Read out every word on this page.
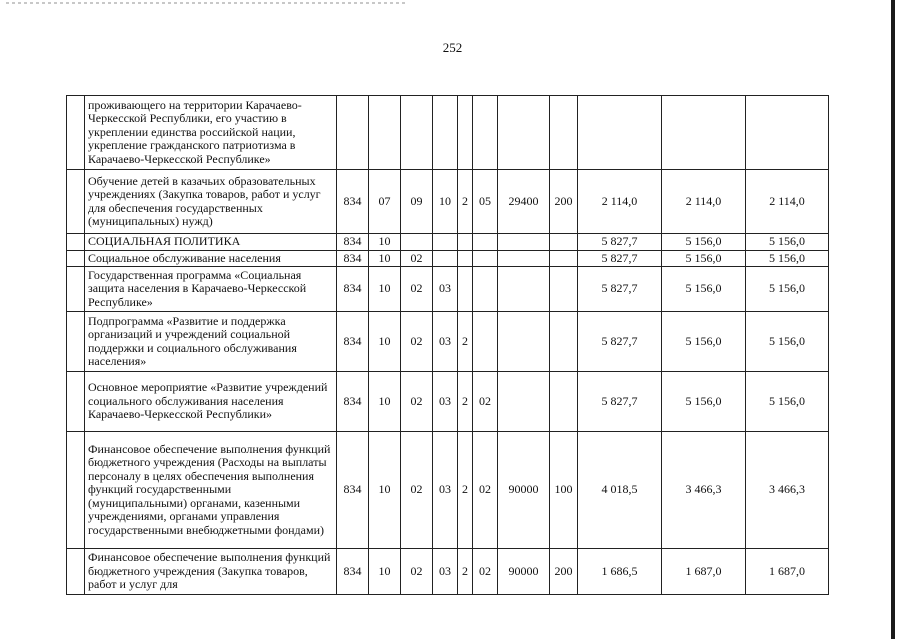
252
	проживающего на территории Карачаево-Черкесской Республики, его участию в укреплении единства российской нации, укрепление гражданского патриотизма в Карачаево-Черкесской Республике»											
	Обучение детей в казачьих образовательных учреждениях (Закупка товаров, работ и услуг для обеспечения государственных (муниципальных) нужд)	834	07	09	10	2	05	29400	200	2 114,0	2 114,0	2 114,0
	СОЦИАЛЬНАЯ ПОЛИТИКА	834	10							5 827,7	5 156,0	5 156,0
	Социальное обслуживание населения	834	10	02						5 827,7	5 156,0	5 156,0
	Государственная программа «Социальная защита населения в Карачаево-Черкесской Республике»	834	10	02	03					5 827,7	5 156,0	5 156,0
	Подпрограмма «Развитие и поддержка организаций и учреждений социальной поддержки и социального обслуживания населения»	834	10	02	03	2				5 827,7	5 156,0	5 156,0
	Основное мероприятие «Развитие учреждений социального обслуживания населения Карачаево-Черкесской Республики»	834	10	02	03	2	02			5 827,7	5 156,0	5 156,0
	Финансовое обеспечение выполнения функций бюджетного учреждения (Расходы на выплаты персоналу в целях обеспечения выполнения функций государственными (муниципальными) органами, казенными учреждениями, органами управления государственными внебюджетными фондами)	834	10	02	03	2	02	90000	100	4 018,5	3 466,3	3 466,3
	Финансовое обеспечение выполнения функций бюджетного учреждения (Закупка товаров, работ и услуг для	834	10	02	03	2	02	90000	200	1 686,5	1 687,0	1 687,0
